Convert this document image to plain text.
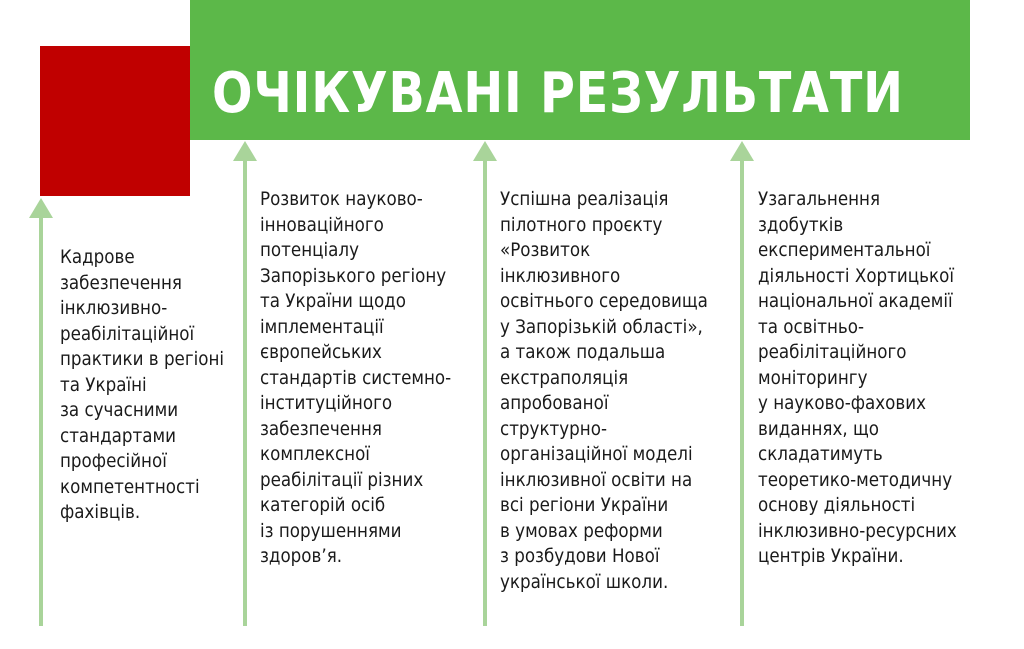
ОЧІКУВАНІ РЕЗУЛЬТАТИ
Кадрове
забезпечення
інклюзивно-
реабілітаційної
практики в регіоні
та Україні
за сучасними
стандартами
професійної
компетентності
фахівців.
Розвиток науково-
інноваційного
потенціалу
Запорізького регіону
та України щодо
імплементації
європейських
стандартів системно-
інституційного
забезпечення
комплексної
реабілітації різних
категорій осіб
із порушеннями
здоров’я.
Успішна реалізація
пілотного проєкту
«Розвиток
інклюзивного
освітнього середовища
у Запорізькій області»,
а також подальша
екстраполяція
апробованої
структурно-
організаційної моделі
інклюзивної освіти на
всі регіони України
в умовах реформи
з розбудови Нової
української школи.
Узагальнення
здобутків
експериментальної
діяльності Хортицької
національної академії
та освітньо-
реабілітаційного
моніторингу
у науково-фахових
виданнях, що
складатимуть
теоретико-методичну
основу діяльності
інклюзивно-ресурсних
центрів України.
